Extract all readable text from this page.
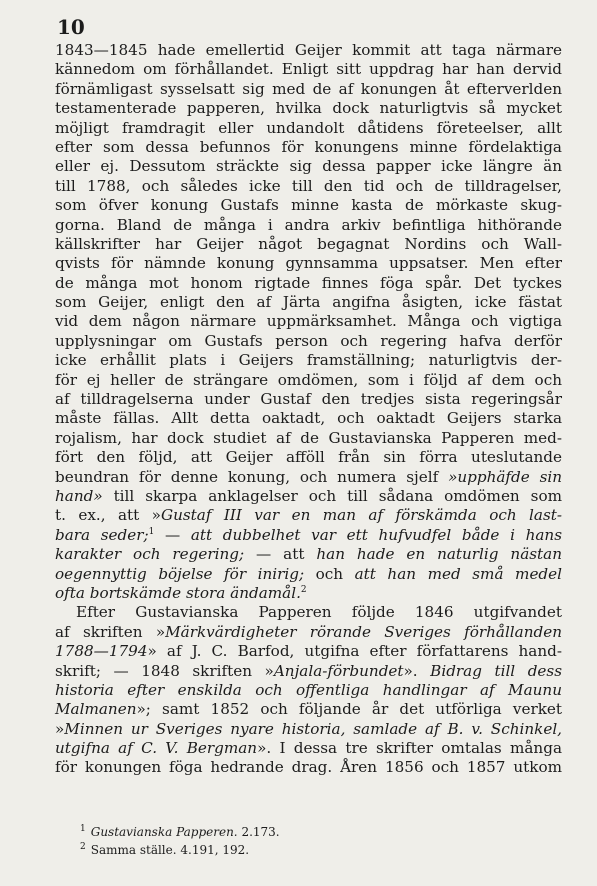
10
1843—1845 hade emellertid Geijer kommit att taga närmare
kännedom om förhållandet. Enligt sitt uppdrag har han dervid
förnämligast sysselsatt sig med de af konungen åt efterverlden
testamenterade papperen, hvilka dock naturligtvis så mycket
möjligt framdragit eller undandolt dåtidens företeelser, allt
efter som dessa befunnos för konungens minne fördelaktiga
eller ej. Dessutom sträckte sig dessa papper icke längre än
till 1788, och således icke till den tid och de tilldragelser,
som öfver konung Gustafs minne kasta de mörkaste skug-
gorna. Bland de många i andra arkiv befintliga hithörande
källskrifter har Geijer något begagnat Nordins och Wall-
qvists för nämnde konung gynnsamma uppsatser. Men efter
de många mot honom rigtade finnes föga spår. Det tyckes
som Geijer, enligt den af Järta angifna åsigten, icke fästat
vid dem någon närmare uppmärksamhet. Många och vigtiga
upplysningar om Gustafs person och regering hafva derför
icke erhållit plats i Geijers framställning; naturligtvis der-
för ej heller de strängare omdömen, som i följd af dem och
af tilldragelserna under Gustaf den tredjes sista regeringsår
måste fällas. Allt detta oaktadt, och oaktadt Geijers starka
rojalism, har dock studiet af de Gustavianska Papperen med-
fört den följd, att Geijer afföll från sin förra uteslutande
beundran för denne konung, och numera sjelf »upphäfde sin
hand» till skarpa anklagelser och till sådana omdömen som
t. ex., att »Gustaf III var en man af förskämda och last-
bara seder;$^1$ — att dubbelhet var ett hufvudfel både i hans
karakter och regering; — att han hade en naturlig nästan
oegennyttig böjelse för inirig; och att han med små medel
ofta bortskämde stora ändamål.$^2$
Efter Gustavianska Papperen följde 1846 utgifvandet
af skriften »Märkvärdigheter rörande Sveriges förhållanden
1788—1794» af J. C. Barfod, utgifna efter författarens hand-
skrift; — 1848 skriften »Anjala-förbundet». Bidrag till dess
historia efter enskilda och offentliga handlingar af Maunu
Malmanen»; samt 1852 och följande år det utförliga verket
»Minnen ur Sveriges nyare historia, samlade af B. v. Schinkel,
utgifna af C. V. Bergman». I dessa tre skrifter omtalas många
för konungen föga hedrande drag. Åren 1856 och 1857 utkom
$^1$ Gustavianska Papperen. 2.173.
$^2$ Samma ställe. 4.191, 192.
